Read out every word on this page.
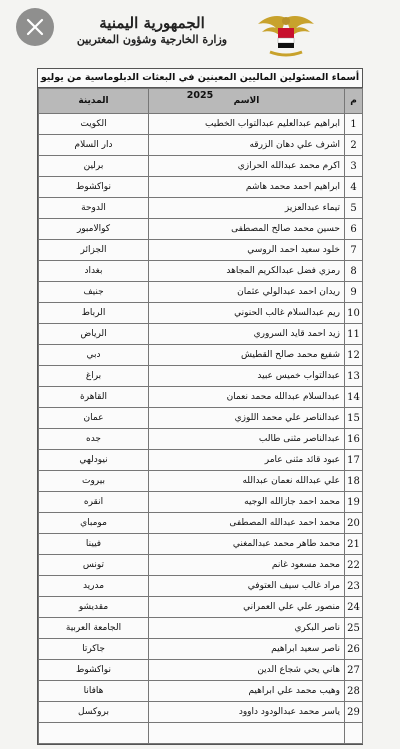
الجمهورية اليمنية
وزارة الخارجية وشؤون المغتربين
أسماء المسئولين الماليين المعينين في البعثات الدبلوماسية من يوليو 2025	م	الاسم	المدينة
1	ابراهيم عبدالعليم عبدالتواب الخطيب	الكويت
2	اشرف علي دهان الزرقه	دار السلام
3	اكرم محمد عبدالله الحرازي	برلين
4	ابراهيم احمد محمد هاشم	نواكشوط
5	تيماء عبدالعزيز	الدوحة
6	حسين محمد صالح المصطفى	كوالامبور
7	خلود سعيد احمد الروسي	الجزائر
8	رمزي فضل عبدالكريم المجاهد	بغداد
9	ريدان احمد عبدالولي عثمان	جنيف
10	ريم عبدالسلام غالب الحنوني	الرباط
11	زيد احمد قايد السروري	الرياض
12	شفيع محمد صالح القطيش	دبي
13	عبدالتواب خميس عبيد	براغ
14	عبدالسلام عبدالله محمد نعمان	القاهرة
15	عبدالناصر علي محمد اللوزي	عمان
16	عبدالناصر مثنى طالب	جده
17	عبود قائد مثنى عامر	نيودلهي
18	علي عبدالله نعمان عبدالله	بيروت
19	محمد احمد جازالله الوجيه	انقره
20	محمد احمد عبدالله المصطفى	مومباي
21	محمد طاهر محمد عبدالمغني	فيينا
22	محمد مسعود غانم	تونس
23	مراد غالب سيف العتوفي	مدريد
24	منصور علي علي العمراني	مقديشو
25	ناصر البكري	الجامعة العربية
26	ناصر سعيد ابراهيم	جاكرتا
27	هاني يحي شجاع الدين	نواكشوط
28	وهيب محمد علي ابراهيم	هافانا
29	ياسر محمد عبدالودود داوود	بروكسل
